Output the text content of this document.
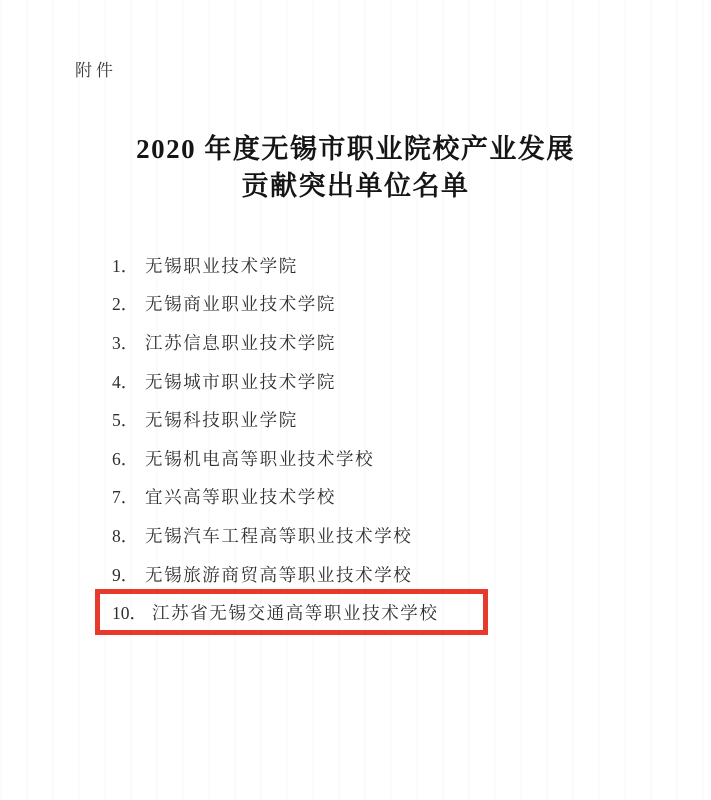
附件
2020 年度无锡市职业院校产业发展
贡献突出单位名单
1． 无锡职业技术学院
2． 无锡商业职业技术学院
3． 江苏信息职业技术学院
4． 无锡城市职业技术学院
5． 无锡科技职业学院
6． 无锡机电高等职业技术学校
7． 宜兴高等职业技术学校
8． 无锡汽车工程高等职业技术学校
9． 无锡旅游商贸高等职业技术学校
10． 江苏省无锡交通高等职业技术学校
